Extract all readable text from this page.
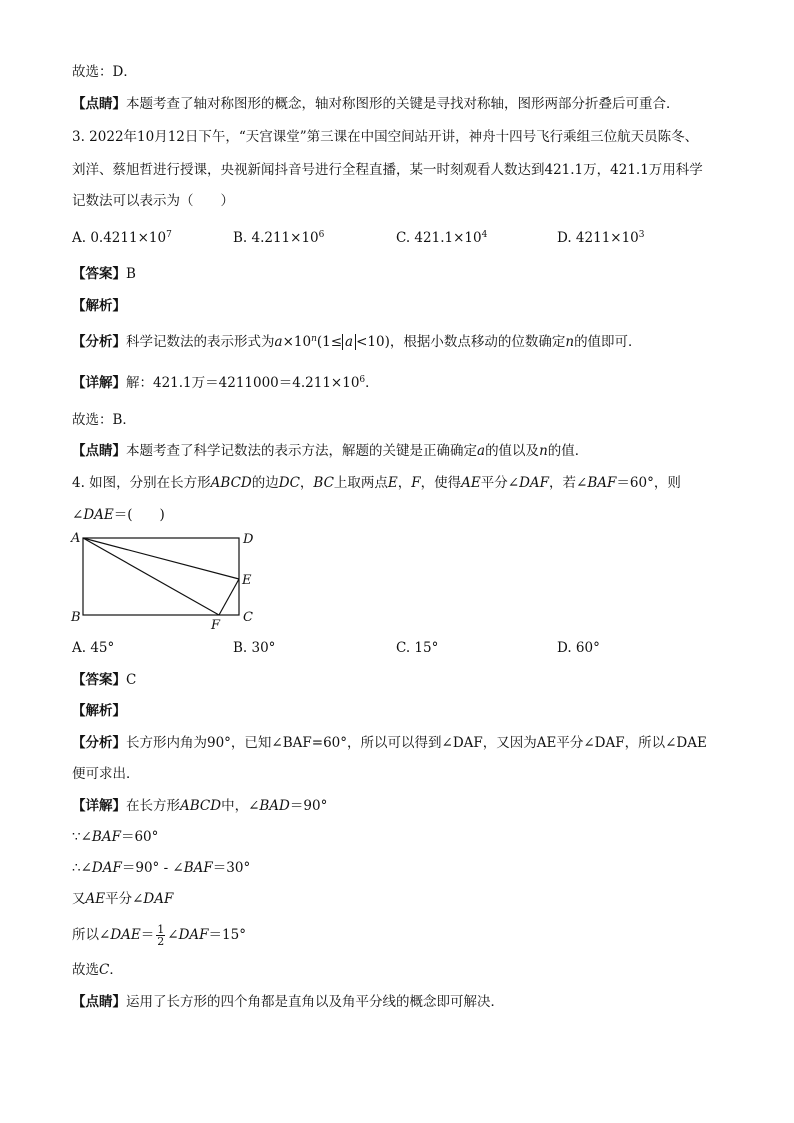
故选：D．
【点睛】本题考查了轴对称图形的概念，轴对称图形的关键是寻找对称轴，图形两部分折叠后可重合．
3. 2022年10月12日下午，“天宫课堂”第三课在中国空间站开讲，神舟十四号飞行乘组三位航天员陈冬、
刘洋、蔡旭哲进行授课，央视新闻抖音号进行全程直播，某一时刻观看人数达到421.1万，421.1万用科学
记数法可以表示为（　　）
A. $0.4211\times 10^7$	B. $4.211\times 10^6$	C. $421.1\times 10^4$	D. $4211\times 10^3$
【答案】B
【解析】
【分析】科学记数法的表示形式为$a\times 10^n(1\le a <10)$，根据小数点移动的位数确定n的值即可．
【详解】解：421.1万$=4211000=4.211\times 10^6$．
故选：B．
【点睛】本题考查了科学记数法的表示方法，解题的关键是正确确定a的值以及n的值．
4. 如图，分别在长方形ABCD的边DC，BC上取两点E，F，使得AE平分∠DAF，若∠BAF＝60°，则
∠DAE＝(　　)
A	D
E
B	C
F
A. 45°	B. 30°	C. 15°	D. 60°
【答案】C
【解析】
【分析】长方形内角为90°，已知∠BAF=60°，所以可以得到∠DAF，又因为AE平分∠DAF，所以∠DAE
便可求出．
【详解】在长方形ABCD中，∠BAD＝90°
∵∠BAF＝60°
∴∠DAF＝90° - ∠BAF＝30°
又AE平分∠DAF
所以∠DAE＝ $\frac{1}{2}$ ∠DAF＝15°
故选C．
【点睛】运用了长方形的四个角都是直角以及角平分线的概念即可解决．
